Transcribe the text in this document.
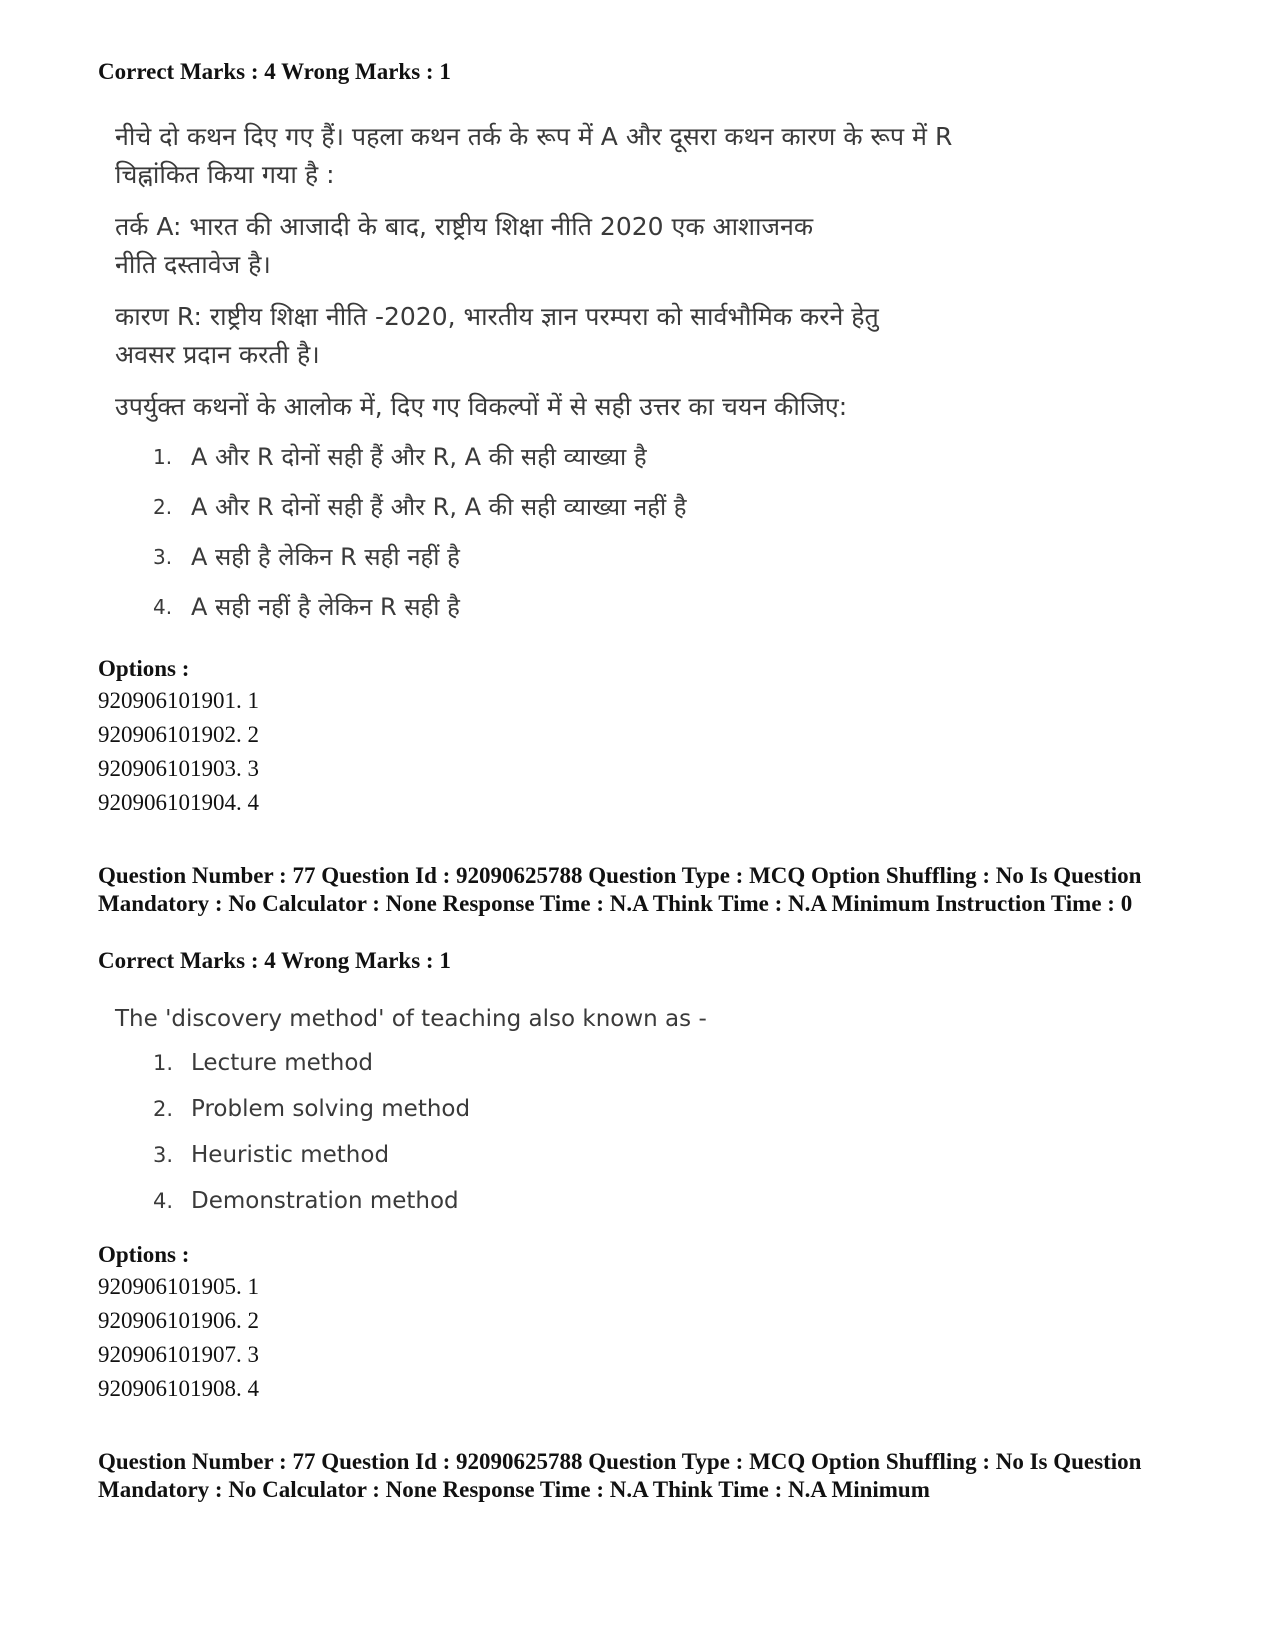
Correct Marks : 4 Wrong Marks : 1

नीचे दो कथन दिए गए हैं। पहला कथन तर्क के रूप में A और दूसरा कथन कारण के रूप में R चिह्नांकित किया गया है :

तर्क A: भारत की आजादी के बाद, राष्ट्रीय शिक्षा नीति 2020 एक आशाजनक नीति दस्तावेज है।

कारण R: राष्ट्रीय शिक्षा नीति -2020, भारतीय ज्ञान परम्परा को सार्वभौमिक करने हेतु अवसर प्रदान करती है।

उपर्युक्त कथनों के आलोक में, दिए गए विकल्पों में से सही उत्तर का चयन कीजिए:

1. A और R दोनों सही हैं और R, A की सही व्याख्या है
2. A और R दोनों सही हैं और R, A की सही व्याख्या नहीं है
3. A सही है लेकिन R सही नहीं है
4. A सही नहीं है लेकिन R सही है
Options :
920906101901. 1
920906101902. 2
920906101903. 3
920906101904. 4
Question Number : 77 Question Id : 92090625788 Question Type : MCQ Option Shuffling : No Is Question Mandatory : No Calculator : None Response Time : N.A Think Time : N.A Minimum Instruction Time : 0
Correct Marks : 4 Wrong Marks : 1

The 'discovery method' of teaching also known as -

1. Lecture method
2. Problem solving method
3. Heuristic method
4. Demonstration method
Options :
920906101905. 1
920906101906. 2
920906101907. 3
920906101908. 4
Question Number : 77 Question Id : 92090625788 Question Type : MCQ Option Shuffling : No Is Question Mandatory : No Calculator : None Response Time : N.A Think Time : N.A Minimum
